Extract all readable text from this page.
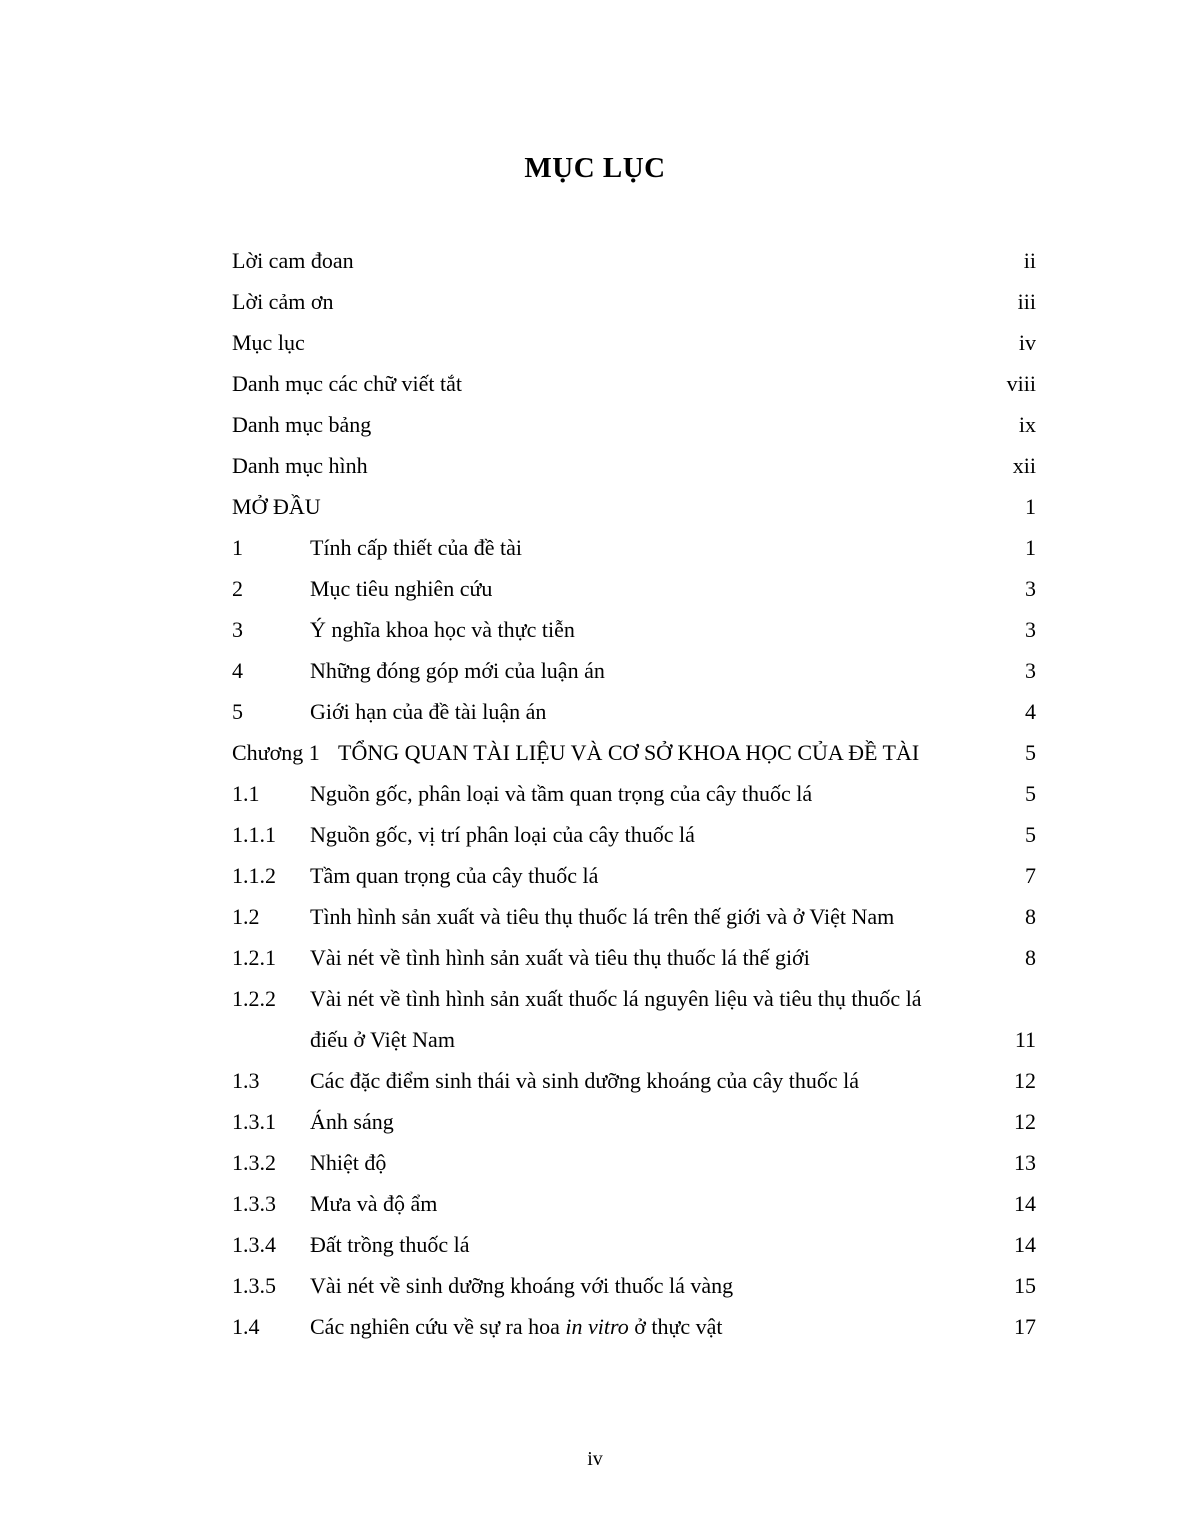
MỤC LỤC
Lời cam đoan	ii
Lời cảm ơn	iii
Mục lục	iv
Danh mục các chữ viết tắt	viii
Danh mục bảng	ix
Danh mục hình	xii
MỞ ĐẦU	1
1	Tính cấp thiết của đề tài	1
2	Mục tiêu nghiên cứu	3
3	Ý nghĩa khoa học và thực tiễn	3
4	Những đóng góp mới của luận án	3
5	Giới hạn của đề tài luận án	4
Chương 1 TỔNG QUAN TÀI LIỆU VÀ CƠ SỞ KHOA HỌC CỦA ĐỀ TÀI	5
1.1 Nguồn gốc, phân loại và tầm quan trọng của cây thuốc lá	5
1.1.1 Nguồn gốc, vị trí phân loại của cây thuốc lá	5
1.1.2 Tầm quan trọng của cây thuốc lá	7
1.2 Tình hình sản xuất và tiêu thụ thuốc lá trên thế giới và ở Việt Nam	8
1.2.1 Vài nét về tình hình sản xuất và tiêu thụ thuốc lá thế giới	8
1.2.2 Vài nét về tình hình sản xuất thuốc lá nguyên liệu và tiêu thụ thuốc lá
điếu ở Việt Nam	11
1.3 Các đặc điểm sinh thái và sinh dưỡng khoáng của cây thuốc lá	12
1.3.1 Ánh sáng	12
1.3.2 Nhiệt độ	13
1.3.3 Mưa và độ ẩm	14
1.3.4 Đất trồng thuốc lá	14
1.3.5 Vài nét về sinh dưỡng khoáng với thuốc lá vàng	15
1.4 Các nghiên cứu về sự ra hoa in vitro ở thực vật	17
iv
